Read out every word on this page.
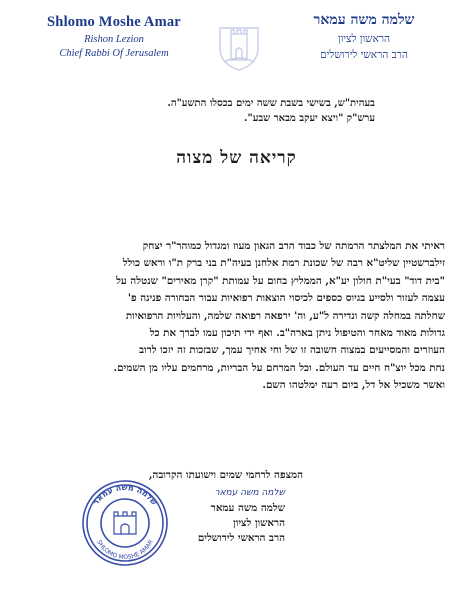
Shlomo Moshe Amar
Rishon Lezion
Chief Rabbi Of Jerusalem
שלמה משה עמאר
הראשון לציון
הרב הראשי לירושלים
בעהית"ש, בשישי בשבת ששה ימים בכסלו התשע"ה.
ערש"ק "ויצא יעקב מבאר שבע".
קריאה של מצוה
ראיתי את המלצתר הרמתה של כבוד הרב הגאון מעוז ומגדול כמוהר"ר יצחק
זילברשטיין שליט"א רבה של שכונת רמת אלחנן בעיה"ת בני ברק ת"ו וראש כולל
"בית דוד" בעי"ת חולון יע"א, הממליץ בחום על עמותת "קרן מאירים" שנטלה על
עצמה לעזור ולסייע בגיוס כספים לכיסוי הוצאות רפואיות עבור הבחורה פנינה פ'
שחלתה במחלה קשה ונדירה ל"ע, וה' ירפאה רפואה שלמה, והעלויות הרפואיות
גדולות מאוד מאחר והטיפול ניתן בארה"ב. ואף ידי תיכון עמו לברך את כל
העוזרים והמסייעים במצוה חשובה זו של וחי אחיך עמך, שבזכות זה יזכו לרוב
נחת מכל יוצ"ח חיים עד העולם. וכל המרחם על הבריות, מרחמים עליו מן השמים.
ואשר משכיל אל דל, ביום רעה ימלטהו השם.
המצפה לרחמי שמים וישועתו הקרובה,
שלמה משה עמאר
שלמה משה עמאר
הראשון לציון
הרב הראשי לירושלים
שלמה משה עמאר
SHLOMO MOSHE AMAR
